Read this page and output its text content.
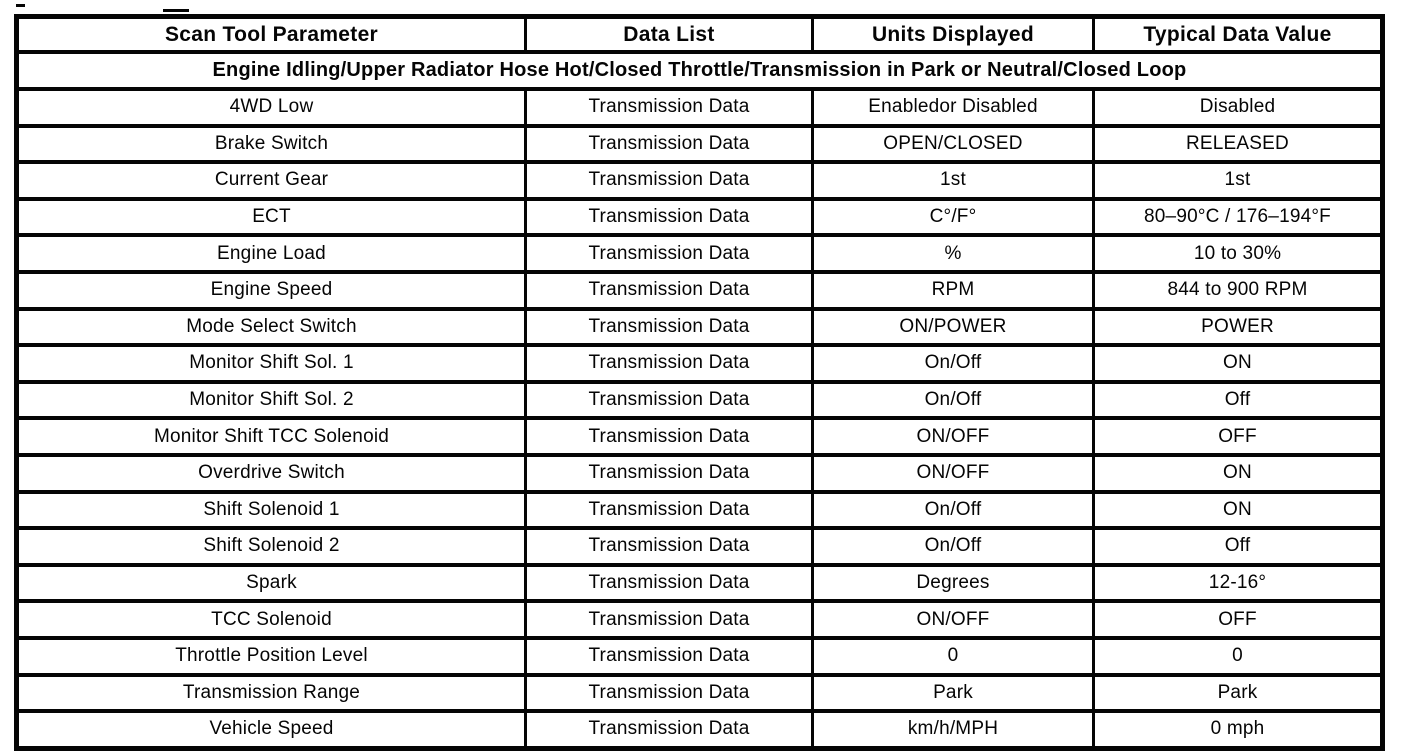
Scan Tool Parameter	Data List	Units Displayed	Typical Data Value
Engine Idling/Upper Radiator Hose Hot/Closed Throttle/Transmission in Park or Neutral/Closed Loop			
4WD Low	Transmission Data	Enabledor Disabled	Disabled
Brake Switch	Transmission Data	OPEN/CLOSED	RELEASED
Current Gear	Transmission Data	1st	1st
ECT	Transmission Data	C°/F°	80–90°C / 176–194°F
Engine Load	Transmission Data	%	10 to 30%
Engine Speed	Transmission Data	RPM	844 to 900 RPM
Mode Select Switch	Transmission Data	ON/POWER	POWER
Monitor Shift Sol. 1	Transmission Data	On/Off	ON
Monitor Shift Sol. 2	Transmission Data	On/Off	Off
Monitor Shift TCC Solenoid	Transmission Data	ON/OFF	OFF
Overdrive Switch	Transmission Data	ON/OFF	ON
Shift Solenoid 1	Transmission Data	On/Off	ON
Shift Solenoid 2	Transmission Data	On/Off	Off
Spark	Transmission Data	Degrees	12-16°
TCC Solenoid	Transmission Data	ON/OFF	OFF
Throttle Position Level	Transmission Data	0	0
Transmission Range	Transmission Data	Park	Park
Vehicle Speed	Transmission Data	km/h/MPH	0 mph
